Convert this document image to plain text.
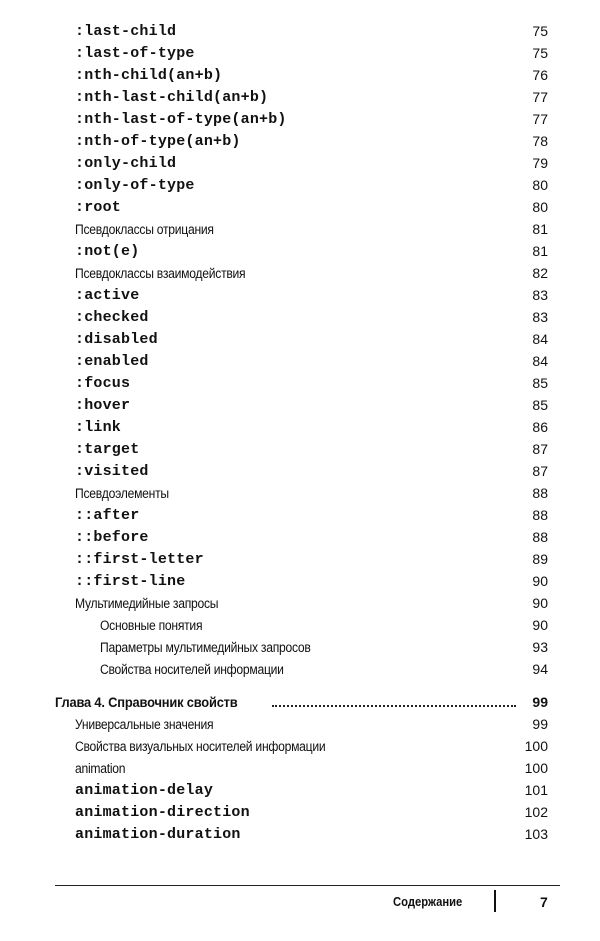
:last-child	75
:last-of-type	75
:nth-child(an+b)	76
:nth-last-child(an+b)	77
:nth-last-of-type(an+b)	77
:nth-of-type(an+b)	78
:only-child	79
:only-of-type	80
:root	80
Псевдоклассы отрицания	81
:not(e)	81
Псевдоклассы взаимодействия	82
:active	83
:checked	83
:disabled	84
:enabled	84
:focus	85
:hover	85
:link	86
:target	87
:visited	87
Псевдоэлементы	88
::after	88
::before	88
::first-letter	89
::first-line	90
Мультимедийные запросы	90
Основные понятия	90
Параметры мультимедийных запросов	93
Свойства носителей информации	94
Глава 4. Справочник свойств	99
Универсальные значения	99
Свойства визуальных носителей информации	100
animation	100
animation-delay	101
animation-direction	102
animation-duration	103
Содержание	7
